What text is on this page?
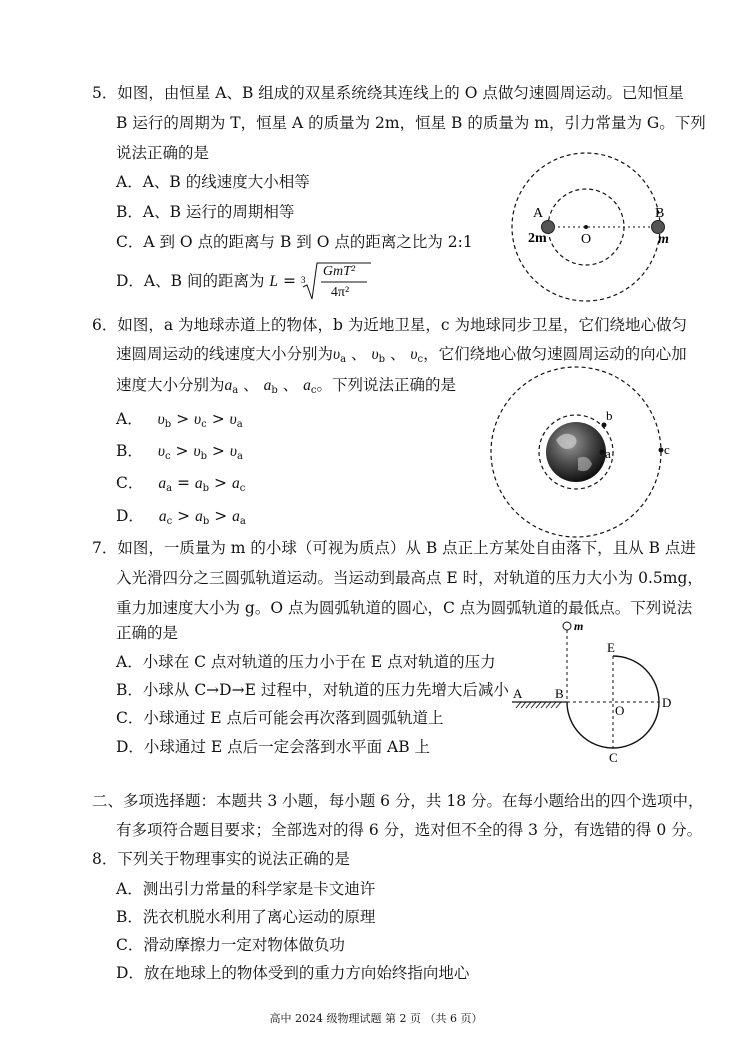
5．如图，由恒星 A、B 组成的双星系统绕其连线上的 O 点做匀速圆周运动。已知恒星
B 运行的周期为 T，恒星 A 的质量为 2m，恒星 B 的质量为 m，引力常量为 G。下列
说法正确的是
A．A、B 的线速度大小相等
B．A、B 运行的周期相等
C．A 到 O 点的距离与 B 到 O 点的距离之比为 2:1
D．A、B 间的距离为 L = 3
GmT²
4π²
A
2m O
B
m
6．如图，a 为地球赤道上的物体，b 为近地卫星，c 为地球同步卫星，它们绕地心做匀
速圆周运动的线速度大小分别为$\upsilon_a$ 、 $\upsilon_b$ 、 $\upsilon_c$，它们绕地心做匀速圆周运动的向心加
速度大小分别为$a_a$ 、 $a_b$ 、 $a_c$。下列说法正确的是
A． $\upsilon_b > \upsilon_c > \upsilon_a$
B． $\upsilon_c > \upsilon_b > \upsilon_a$
C． $a_a = a_b > a_c$
D． $a_c > a_b > a_a$
b
a	c
7．如图，一质量为 m 的小球（可视为质点）从 B 点正上方某处自由落下，且从 B 点进
入光滑四分之三圆弧轨道运动。当运动到最高点 E 时，对轨道的压力大小为 0.5mg，
重力加速度大小为 g。O 点为圆弧轨道的圆心，C 点为圆弧轨道的最低点。下列说法
正确的是
A．小球在 C 点对轨道的压力小于在 E 点对轨道的压力
B．小球从 C→D→E 过程中，对轨道的压力先增大后减小
C．小球通过 E 点后可能会再次落到圆弧轨道上
D．小球通过 E 点后一定会落到水平面 AB 上
m
A	B
E
O
D
C
二、多项选择题：本题共 3 小题，每小题 6 分，共 18 分。在每小题给出的四个选项中，
有多项符合题目要求；全部选对的得 6 分，选对但不全的得 3 分，有选错的得 0 分。
8．下列关于物理事实的说法正确的是
A．测出引力常量的科学家是卡文迪许
B．洗衣机脱水利用了离心运动的原理
C．滑动摩擦力一定对物体做负功
D．放在地球上的物体受到的重力方向始终指向地心
高中 2024 级物理试题 第 2 页 （共 6 页）
